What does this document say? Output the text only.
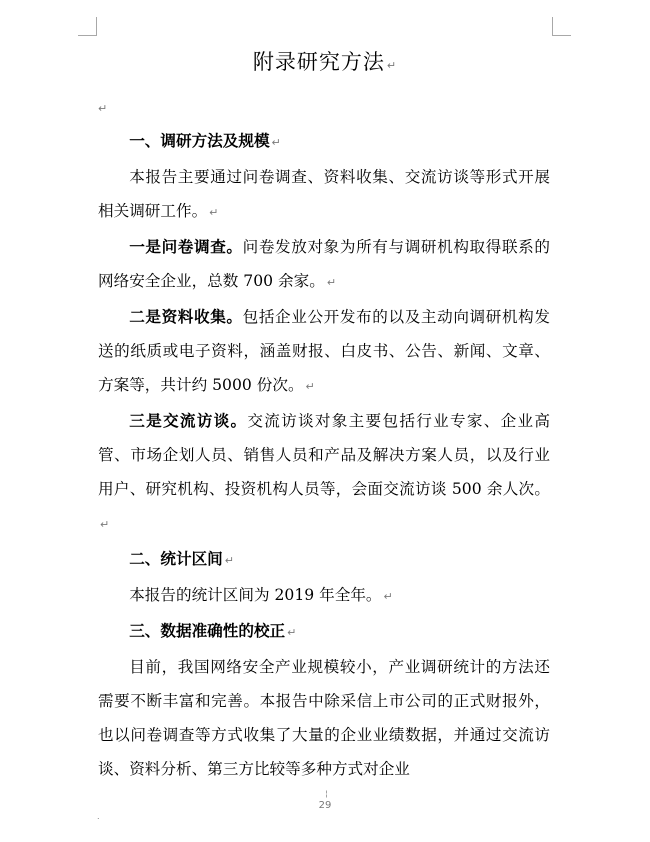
附录研究方法 ↵
↵
一、调研方法及规模 ↵

本报告主要通过问卷调查、资料收集、交流访谈等形式开展相关调研工作。 ↵

一是问卷调查。问卷发放对象为所有与调研机构取得联系的网络安全企业，总数 700 余家。 ↵

二是资料收集。包括企业公开发布的以及主动向调研机构发送的纸质或电子资料，涵盖财报、白皮书、公告、新闻、文章、方案等，共计约 5000 份次。 ↵

三是交流访谈。交流访谈对象主要包括行业专家、企业高管、市场企划人员、销售人员和产品及解决方案人员，以及行业用户、研究机构、投资机构人员等，会面交流访谈 500 余人次。↵

二、统计区间 ↵

本报告的统计区间为 2019 年全年。 ↵

三、数据准确性的校正 ↵

目前，我国网络安全产业规模较小，产业调研统计的方法还需要不断丰富和完善。本报告中除采信上市公司的正式财报外，也以问卷调查等方式收集了大量的企业业绩数据，并通过交流访谈、资料分析、第三方比较等多种方式对企业

¦
29
.
